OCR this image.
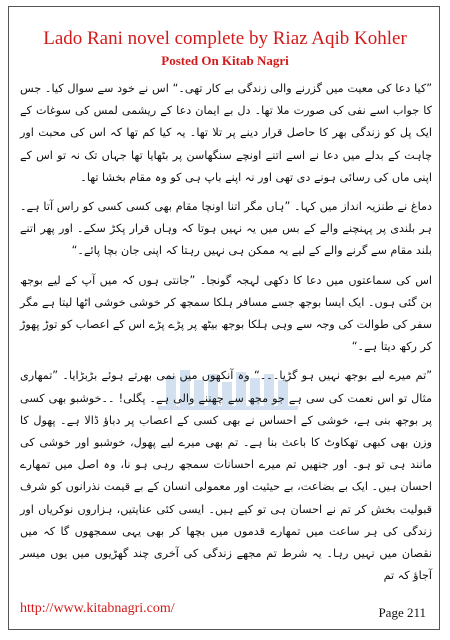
Lado Rani novel complete by Riaz Aqib Kohler
Posted On Kitab Nagri

”کیا دعا کی معیت میں گزرنے والی زندگی بے کار تھی۔“ اس نے خود سے سوال کیا۔ جس کا جواب اسے نفی کی صورت ملا تھا۔ دل بے ایمان دعا کے ریشمی لمس کی سوغات کے ایک پل کو زندگی بھر کا حاصل قرار دینے پر تلا تھا۔ یہ کیا کم تھا کہ اس کی محبت اور چاہت کے بدلے میں دعا نے اسے اتنے اونچے سنگھاسن پر بٹھایا تھا جہاں تک نہ تو اس کے اپنی ماں کی رسائی ہونے دی تھی اور نہ اپنے باپ ہی کو وہ مقام بخشا تھا۔

دماغ نے طنزیہ انداز میں کہا۔ ”ہاں مگر اتنا اونچا مقام بھی کسی کسی کو راس آتا ہے۔ ہر بلندی پر پہنچنے والے کے بس میں یہ نہیں ہوتا کہ وہاں قرار پکڑ سکے۔ اور پھر اتنے بلند مقام سے گرنے والے کے لیے یہ ممکن ہی نہیں رہتا کہ اپنی جان بچا پائے۔“

اس کی سماعتوں میں دعا کا دکھی لہجہ گونجا۔ ”جانتی ہوں کہ میں آپ کے لیے بوجھ بن گئی ہوں۔ ایک ایسا بوجھ جسے مسافر ہلکا سمجھ کر خوشی خوشی اٹھا لیتا ہے مگر سفر کی طوالت کی وجہ سے وہی ہلکا بوجھ بیٹھ پر پڑے پڑے اس کے اعصاب کو توڑ پھوڑ کر رکھ دیتا ہے۔“

”تم میرے لیے بوجھ نہیں ہو گڑیا۔۔۔“ وہ آنکھوں میں نمی بھرتے ہوئے بڑبڑایا۔ ”تمھاری مثال تو اس نعمت کی سی ہے جو مجھ سے چھننے والی ہے۔ پگلی! ۔۔خوشبو بھی کسی پر بوجھ بنی ہے، خوشی کے احساس نے بھی کسی کے اعصاب پر دباؤ ڈالا ہے۔ پھول کا وزن بھی کبھی تھکاوٹ کا باعث بنا ہے۔ تم بھی میرے لیے پھول، خوشبو اور خوشی کی مانند ہی تو ہو۔ اور جنھیں تم میرے احسانات سمجھ رہی ہو نا، وہ اصل میں تمھارے احسان ہیں۔ ایک بے بضاعت، بے حیثیت اور معمولی انسان کے بے قیمت نذرانوں کو شرف قبولیت بخش کر تم نے احسان ہی تو کیے ہیں۔ ایسی کئی عنایتیں، ہزاروں نوکریاں اور زندگی کی ہر ساعت میں تمھارے قدموں میں بچھا کر بھی یہی سمجھوں گا کہ میں نقصان میں نہیں رہا۔ یہ شرط تم مجھے زندگی کی آخری چند گھڑیوں میں یوں میسر آجاؤ کہ تم

http://www.kitabnagri.com/	Page 211
